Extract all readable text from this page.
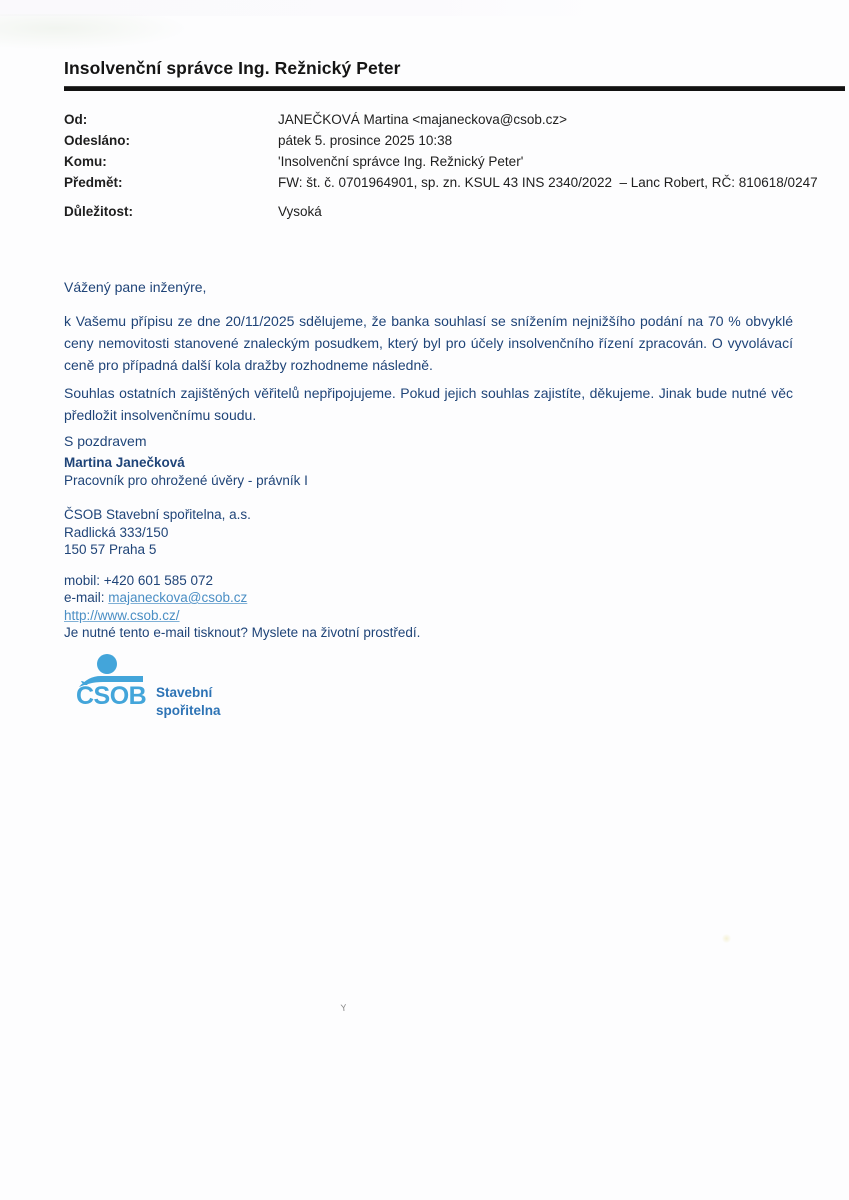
Insolvenční správce Ing. Režnický Peter
Od:	JANEČKOVÁ Martina <majaneckova@csob.cz>
Odesláno:	pátek 5. prosince 2025 10:38
Komu:	'Insolvenční správce Ing. Režnický Peter'
Předmět:	FW: št. č. 0701964901, sp. zn. KSUL 43 INS 2340/2022  – Lanc Robert, RČ: 810618/0247
Důležitost:	Vysoká

Vážený pane inženýre,

k Vašemu přípisu ze dne 20/11/2025 sdělujeme, že banka souhlasí se snížením nejnižšího podání na 70 % obvyklé ceny nemovitosti stanovené znaleckým posudkem, který byl pro účely insolvenčního řízení zpracován. O vyvolávací ceně pro případná další kola dražby rozhodneme následně.

Souhlas ostatních zajištěných věřitelů nepřipojujeme. Pokud jejich souhlas zajistíte, děkujeme. Jinak bude nutné věc předložit insolvenčnímu soudu.

S pozdravem

Martina Janečková
Pracovník pro ohrožené úvěry - právník I
ČSOB Stavební spořitelna, a.s.
Radlická 333/150
150 57 Praha 5
mobil: +420 601 585 072
e-mail: majaneckova@csob.cz
http://www.csob.cz/
Je nutné tento e-mail tisknout? Myslete na životní prostředí.
ČSOB Stavební
spořitelna
Y
